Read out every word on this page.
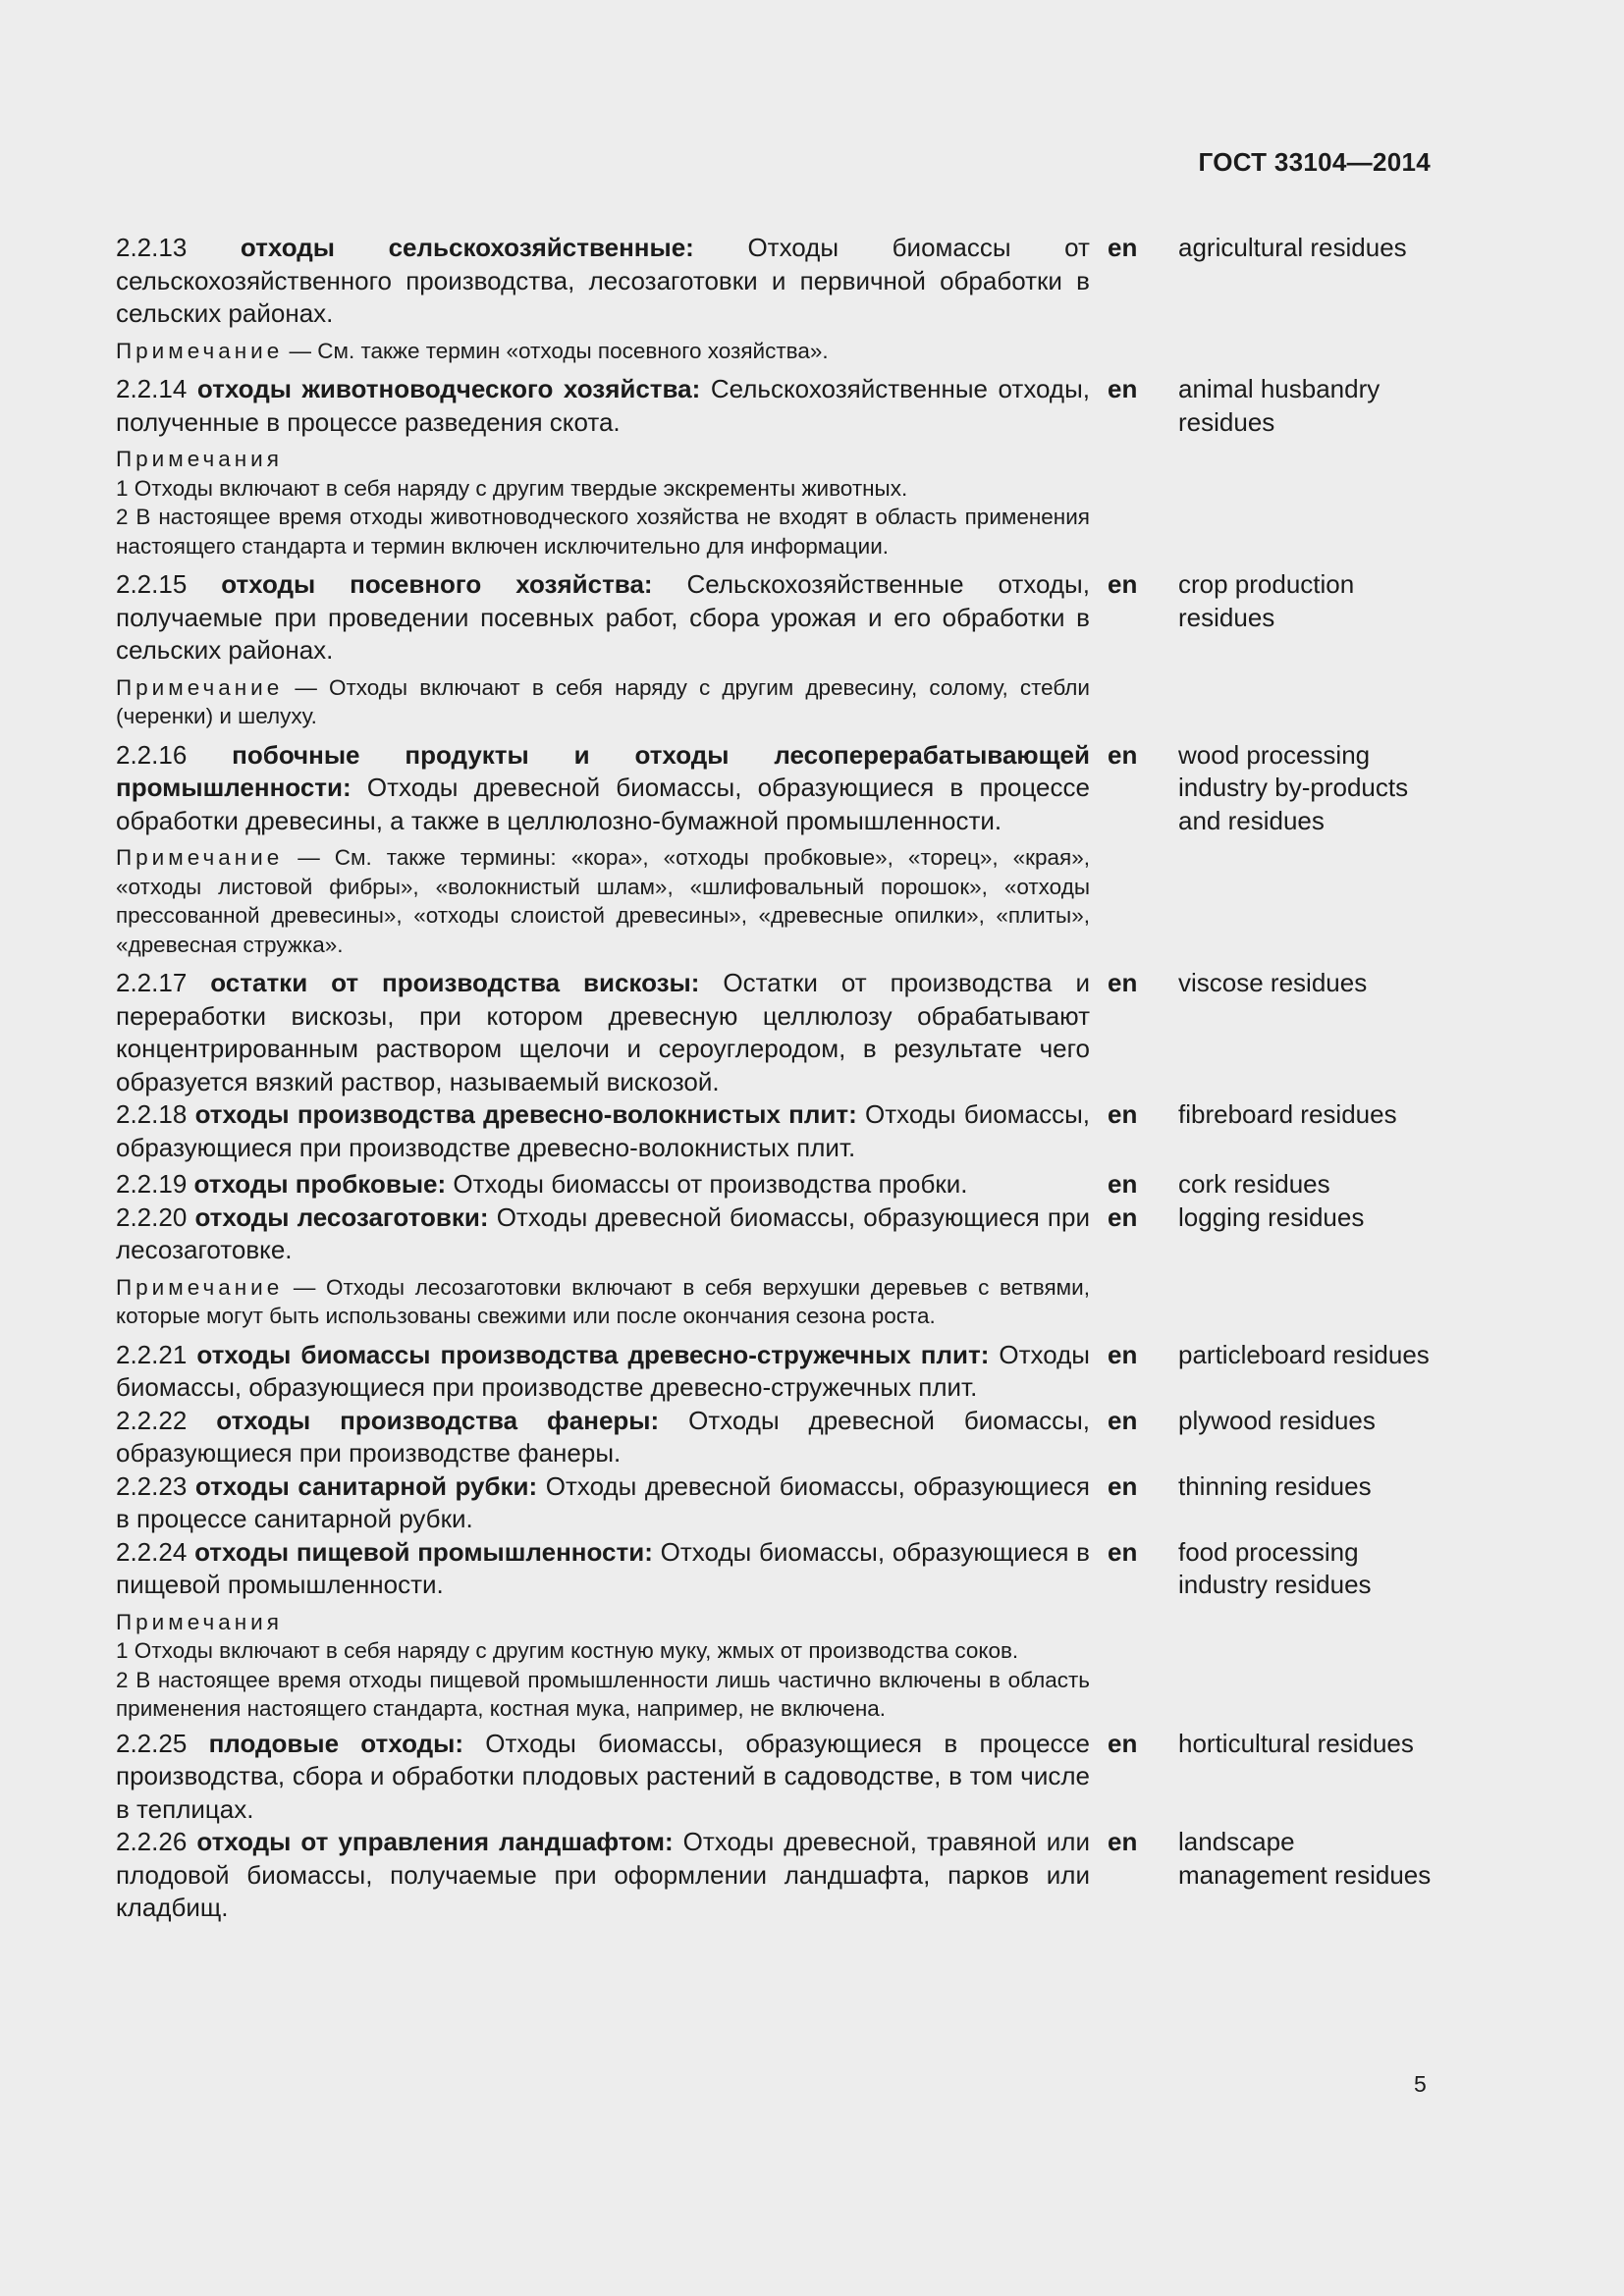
ГОСТ 33104—2014
2.2.13 отходы сельскохозяйственные: Отходы биомассы от сельскохозяйственного производства, лесозаготовки и первичной обработки в сельских районах.
en	agricultural residues
Примечание — См. также термин «отходы посевного хозяйства».
2.2.14 отходы животноводческого хозяйства: Сельскохозяйственные отходы, полученные в процессе разведения скота.
en	animal husbandry residues
Примечания
1 Отходы включают в себя наряду с другим твердые экскременты животных.
2 В настоящее время отходы животноводческого хозяйства не входят в область применения настоящего стандарта и термин включен исключительно для информации.
2.2.15 отходы посевного хозяйства: Сельскохозяйственные отходы, получаемые при проведении посевных работ, сбора урожая и его обработки в сельских районах.
en	crop production residues
Примечание — Отходы включают в себя наряду с другим древесину, солому, стебли (черенки) и шелуху.
2.2.16 побочные продукты и отходы лесоперерабатывающей промышленности: Отходы древесной биомассы, образующиеся в процессе обработки древесины, а также в целлюлозно-бумажной промышленности.
en	wood processing industry by-products and residues
Примечание — См. также термины: «кора», «отходы пробковые», «торец», «края», «отходы листовой фибры», «волокнистый шлам», «шлифовальный порошок», «отходы прессованной древесины», «отходы слоистой древесины», «древесные опилки», «плиты», «древесная стружка».
2.2.17 остатки от производства вискозы: Остатки от производства и переработки вискозы, при котором древесную целлюлозу обрабатывают концентрированным раствором щелочи и сероуглеродом, в результате чего образуется вязкий раствор, называемый вискозой.
en	viscose residues
2.2.18 отходы производства древесно-волокнистых плит: Отходы биомассы, образующиеся при производстве древесно-волокнистых плит.
en	fibreboard residues
2.2.19 отходы пробковые: Отходы биомассы от производства пробки.	en	cork residues
2.2.20 отходы лесозаготовки: Отходы древесной биомассы, образующиеся при лесозаготовке.
en	logging residues
Примечание — Отходы лесозаготовки включают в себя верхушки деревьев с ветвями, которые могут быть использованы свежими или после окончания сезона роста.
2.2.21 отходы биомассы производства древесно-стружечных плит: Отходы биомассы, образующиеся при производстве древесно-стружечных плит.
en	particleboard residues
2.2.22 отходы производства фанеры: Отходы древесной биомассы, образующиеся при производстве фанеры.
en	plywood residues
2.2.23 отходы санитарной рубки: Отходы древесной биомассы, образующиеся в процессе санитарной рубки.
en	thinning residues
2.2.24 отходы пищевой промышленности: Отходы биомассы, образующиеся в пищевой промышленности.
en	food processing industry residues
Примечания
1 Отходы включают в себя наряду с другим костную муку, жмых от производства соков.
2 В настоящее время отходы пищевой промышленности лишь частично включены в область применения настоящего стандарта, костная мука, например, не включена.
2.2.25 плодовые отходы: Отходы биомассы, образующиеся в процессе производства, сбора и обработки плодовых растений в садоводстве, в том числе в теплицах.
en	horticultural residues
2.2.26 отходы от управления ландшафтом: Отходы древесной, травяной или плодовой биомассы, получаемые при оформлении ландшафта, парков или кладбищ.
en	landscape management residues
5
